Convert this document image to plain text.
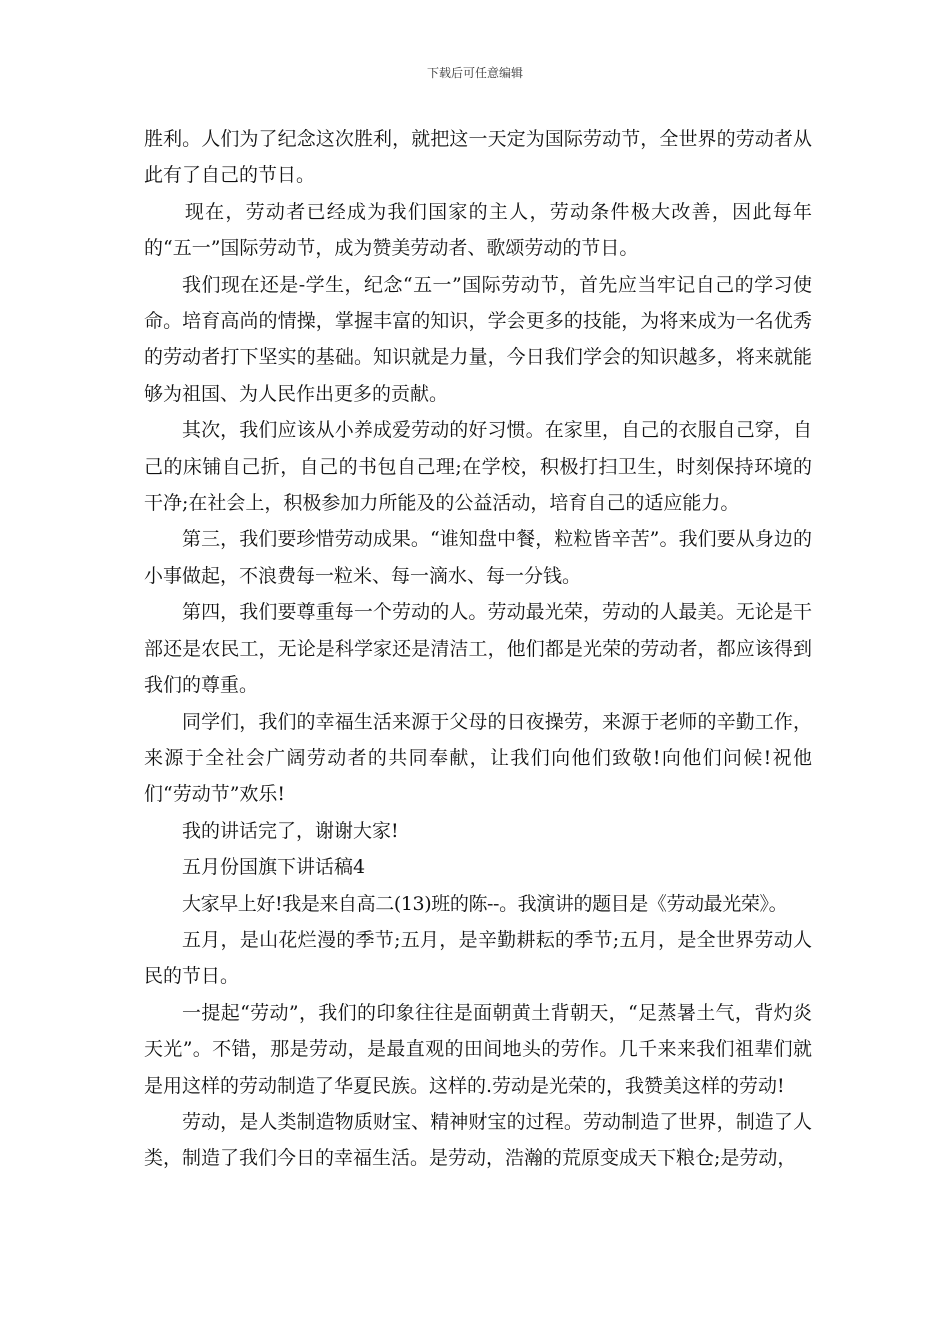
下载后可任意编辑

胜利。人们为了纪念这次胜利，就把这一天定为国际劳动节，全世界的劳动者从此有了自己的节日。

现在，劳动者已经成为我们国家的主人，劳动条件极大改善，因此每年的“五一”国际劳动节，成为赞美劳动者、歌颂劳动的节日。

我们现在还是-学生，纪念“五一”国际劳动节，首先应当牢记自己的学习使命。培育高尚的情操，掌握丰富的知识，学会更多的技能，为将来成为一名优秀的劳动者打下坚实的基础。知识就是力量，今日我们学会的知识越多，将来就能够为祖国、为人民作出更多的贡献。

其次，我们应该从小养成爱劳动的好习惯。在家里，自己的衣服自己穿，自己的床铺自己折，自己的书包自己理;在学校，积极打扫卫生，时刻保持环境的干净;在社会上，积极参加力所能及的公益活动，培育自己的适应能力。

第三，我们要珍惜劳动成果。“谁知盘中餐，粒粒皆辛苦”。我们要从身边的小事做起，不浪费每一粒米、每一滴水、每一分钱。

第四，我们要尊重每一个劳动的人。劳动最光荣，劳动的人最美。无论是干部还是农民工，无论是科学家还是清洁工，他们都是光荣的劳动者，都应该得到我们的尊重。

同学们，我们的幸福生活来源于父母的日夜操劳，来源于老师的辛勤工作，来源于全社会广阔劳动者的共同奉献，让我们向他们致敬!向他们问候!祝他们“劳动节”欢乐!

我的讲话完了，谢谢大家!

五月份国旗下讲话稿4

大家早上好!我是来自高二(13)班的陈--。我演讲的题目是《劳动最光荣》。

五月，是山花烂漫的季节;五月，是辛勤耕耘的季节;五月，是全世界劳动人民的节日。

一提起“劳动”，我们的印象往往是面朝黄土背朝天，“足蒸暑土气，背灼炎天光”。不错，那是劳动，是最直观的田间地头的劳作。几千来来我们祖辈们就是用这样的劳动制造了华夏民族。这样的.劳动是光荣的，我赞美这样的劳动!

劳动，是人类制造物质财宝、精神财宝的过程。劳动制造了世界，制造了人类，制造了我们今日的幸福生活。是劳动，浩瀚的荒原变成天下粮仓;是劳动，
